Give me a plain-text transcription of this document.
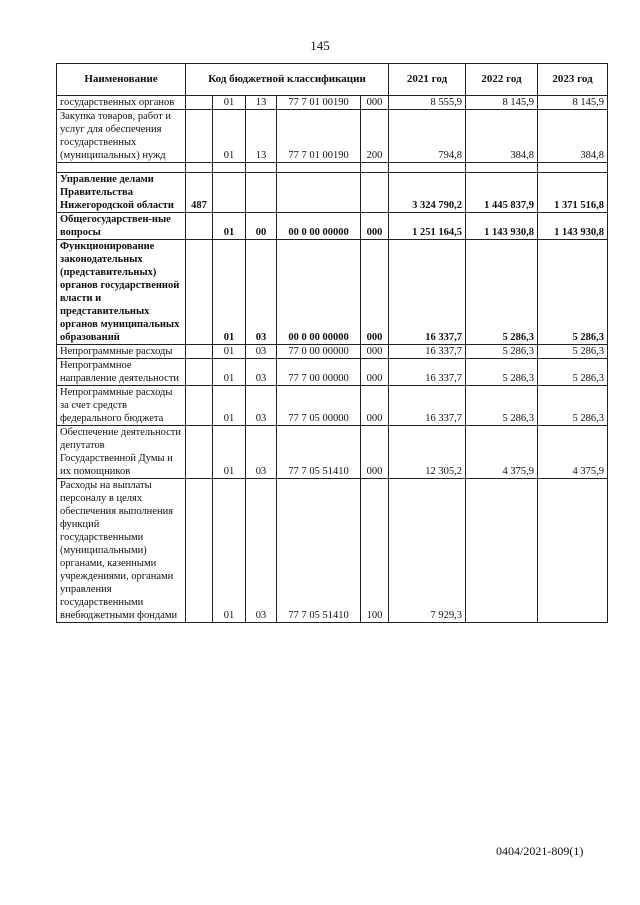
145
Наименование	Код бюджетной классификации					2021 год	2022 год	2023 год
государственных органов		01	13	77 7 01 00190	000	8 555,9	8 145,9	8 145,9
Закупка товаров, работ и услуг для обеспечения государственных (муниципальных) нужд		01	13	77 7 01 00190	200	794,8	384,8	384,8

Управление делами Правительства Нижегородской области	487					3 324 790,2	1 445 837,9	1 371 516,8
Общегосударствен-ные вопросы		01	00	00 0 00 00000	000	1 251 164,5	1 143 930,8	1 143 930,8
Функционирование законодательных (представительных) органов государственной власти и представительных органов муниципальных образований		01	03	00 0 00 00000	000	16 337,7	5 286,3	5 286,3
Непрограммные расходы		01	03	77 0 00 00000	000	16 337,7	5 286,3	5 286,3
Непрограммное направление деятельности		01	03	77 7 00 00000	000	16 337,7	5 286,3	5 286,3
Непрограммные расходы за счет средств федерального бюджета		01	03	77 7 05 00000	000	16 337,7	5 286,3	5 286,3
Обеспечение деятельности депутатов Государственной Думы и их помощников		01	03	77 7 05 51410	000	12 305,2	4 375,9	4 375,9
Расходы на выплаты персоналу в целях обеспечения выполнения функций государственными (муниципальными) органами, казенными учреждениями, органами управления государственными внебюджетными фондами		01	03	77 7 05 51410	100	7 929,3		
0404/2021-809(1)
